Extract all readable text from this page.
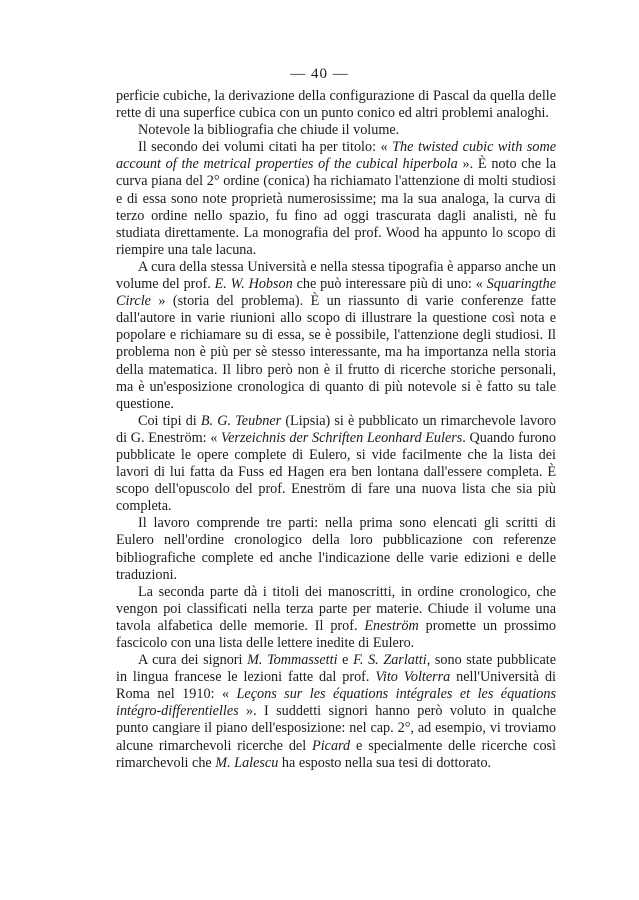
— 40 —

perficie cubiche, la derivazione della configurazione di Pascal da quella delle rette di una superfice cubica con un punto conico ed altri problemi analoghi.

Notevole la bibliografia che chiude il volume.

Il secondo dei volumi citati ha per titolo: « The twisted cubic with some account of the metrical properties of the cubical hiperbola ». È noto che la curva piana del 2° ordine (conica) ha richiamato l'attenzione di molti studiosi e di essa sono note proprietà numerosissime; ma la sua analoga, la curva di terzo ordine nello spazio, fu fino ad oggi trascurata dagli analisti, nè fu studiata direttamente. La monografia del prof. Wood ha appunto lo scopo di riempire una tale lacuna.

A cura della stessa Università e nella stessa tipografia è apparso anche un volume del prof. E. W. Hobson che può interessare più di uno: « Squaringthe Circle » (storia del problema). È un riassunto di varie conferenze fatte dall'autore in varie riunioni allo scopo di illustrare la questione così nota e popolare e richiamare su di essa, se è possibile, l'attenzione degli studiosi. Il problema non è più per sè stesso interessante, ma ha importanza nella storia della matematica. Il libro però non è il frutto di ricerche storiche personali, ma è un'esposizione cronologica di quanto di più notevole si è fatto su tale questione.

Coi tipi di B. G. Teubner (Lipsia) si è pubblicato un rimarchevole lavoro di G. Eneström: « Verzeichnis der Schriften Leonhard Eulers. Quando furono pubblicate le opere complete di Eulero, si vide facilmente che la lista dei lavori di lui fatta da Fuss ed Hagen era ben lontana dall'essere completa. È scopo dell'opuscolo del prof. Eneström di fare una nuova lista che sia più completa.

Il lavoro comprende tre parti: nella prima sono elencati gli scritti di Eulero nell'ordine cronologico della loro pubblicazione con referenze bibliografiche complete ed anche l'indicazione delle varie edizioni e delle traduzioni.

La seconda parte dà i titoli dei manoscritti, in ordine cronologico, che vengon poi classificati nella terza parte per materie. Chiude il volume una tavola alfabetica delle memorie. Il prof. Eneström promette un prossimo fascicolo con una lista delle lettere inedite di Eulero.

A cura dei signori M. Tommassetti e F. S. Zarlatti, sono state pubblicate in lingua francese le lezioni fatte dal prof. Vito Volterra nell'Università di Roma nel 1910: « Leçons sur les équations intégrales et les équations intégro-differentielles ». I suddetti signori hanno però voluto in qualche punto cangiare il piano dell'esposizione: nel cap. 2°, ad esempio, vi troviamo alcune rimarchevoli ricerche del Picard e specialmente delle ricerche così rimarchevoli che M. Lalescu ha esposto nella sua tesi di dottorato.
